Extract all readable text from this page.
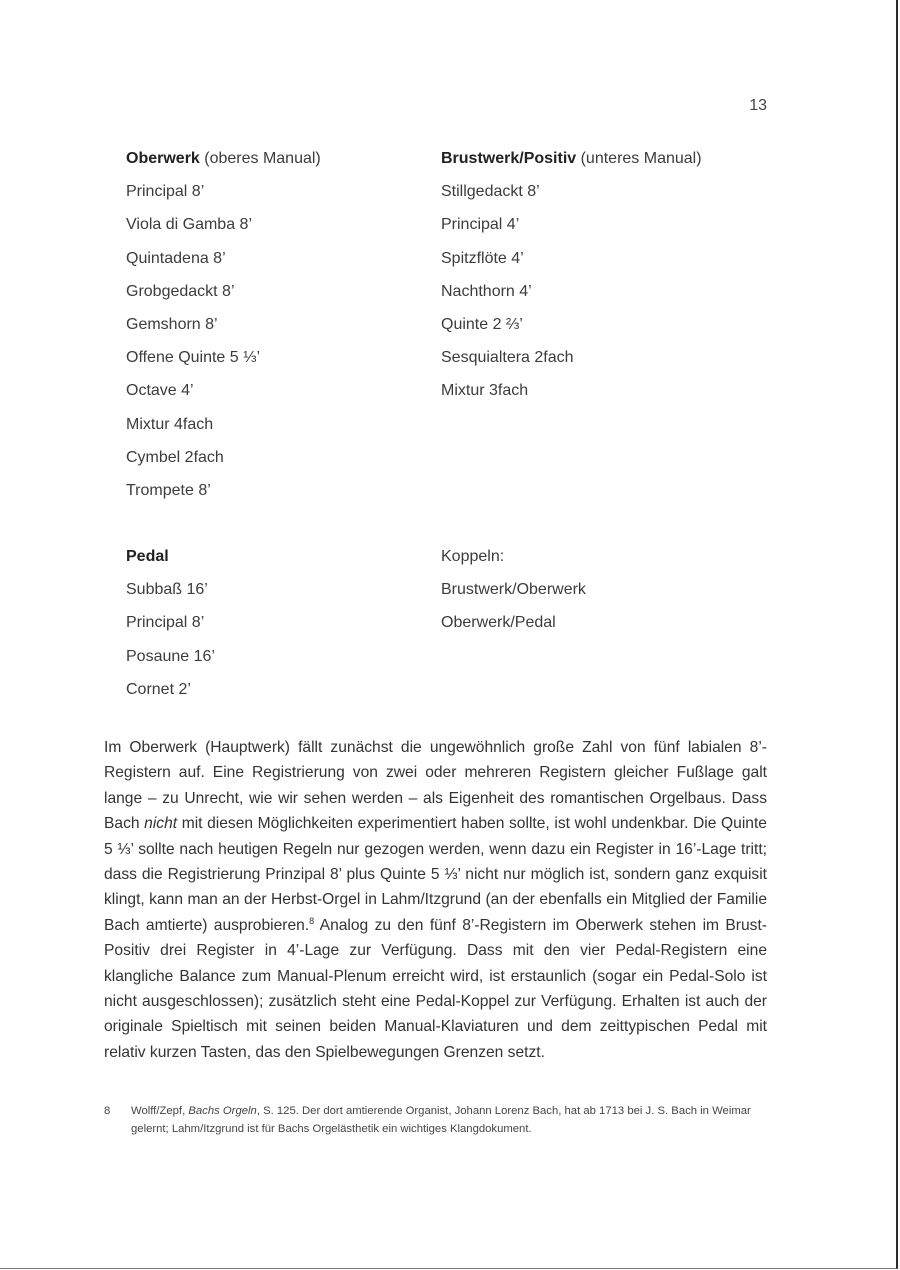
13
Oberwerk (oberes Manual)
Principal 8’
Viola di Gamba 8’
Quintadena 8’
Grobgedackt 8’
Gemshorn 8’
Offene Quinte 5 ⅓’
Octave 4’
Mixtur 4fach
Cymbel 2fach
Trompete 8’
Brustwerk/Positiv (unteres Manual)
Stillgedackt 8’
Principal 4’
Spitzflöte 4’
Nachthorn 4’
Quinte 2 ⅔’
Sesquialtera 2fach
Mixtur 3fach
Pedal
Subbaß 16’
Principal 8’
Posaune 16’
Cornet 2’
Koppeln:
Brustwerk/Oberwerk
Oberwerk/Pedal

Im Oberwerk (Hauptwerk) fällt zunächst die ungewöhnlich große Zahl von fünf labialen 8’-Registern auf. Eine Registrierung von zwei oder mehreren Registern gleicher Fußlage galt lange – zu Unrecht, wie wir sehen werden – als Eigenheit des romantischen Orgelbaus. Dass Bach nicht mit diesen Möglichkeiten experimentiert haben sollte, ist wohl undenkbar. Die Quinte 5 ⅓’ sollte nach heutigen Regeln nur gezogen werden, wenn dazu ein Register in 16’-Lage tritt; dass die Registrierung Prinzipal 8’ plus Quinte 5 ⅓’ nicht nur möglich ist, sondern ganz exquisit klingt, kann man an der Herbst-Orgel in Lahm/Itzgrund (an der ebenfalls ein Mitglied der Familie Bach amtierte) ausprobieren.$^8$ Analog zu den fünf 8’-Registern im Oberwerk stehen im Brust-Positiv drei Register in 4’-Lage zur Verfügung. Dass mit den vier Pedal-Registern eine klangliche Balance zum Manual-Plenum erreicht wird, ist erstaunlich (sogar ein Pedal-Solo ist nicht ausgeschlossen); zusätzlich steht eine Pedal-Koppel zur Verfügung. Erhalten ist auch der originale Spieltisch mit seinen beiden Manual-Klaviaturen und dem zeittypischen Pedal mit relativ kurzen Tasten, das den Spielbewegungen Grenzen setzt.

8 Wolff/Zepf, Bachs Orgeln, S. 125. Der dort amtierende Organist, Johann Lorenz Bach, hat ab 1713 bei J. S. Bach in Weimar gelernt; Lahm/Itzgrund ist für Bachs Orgelästhetik ein wichtiges Klangdokument.
